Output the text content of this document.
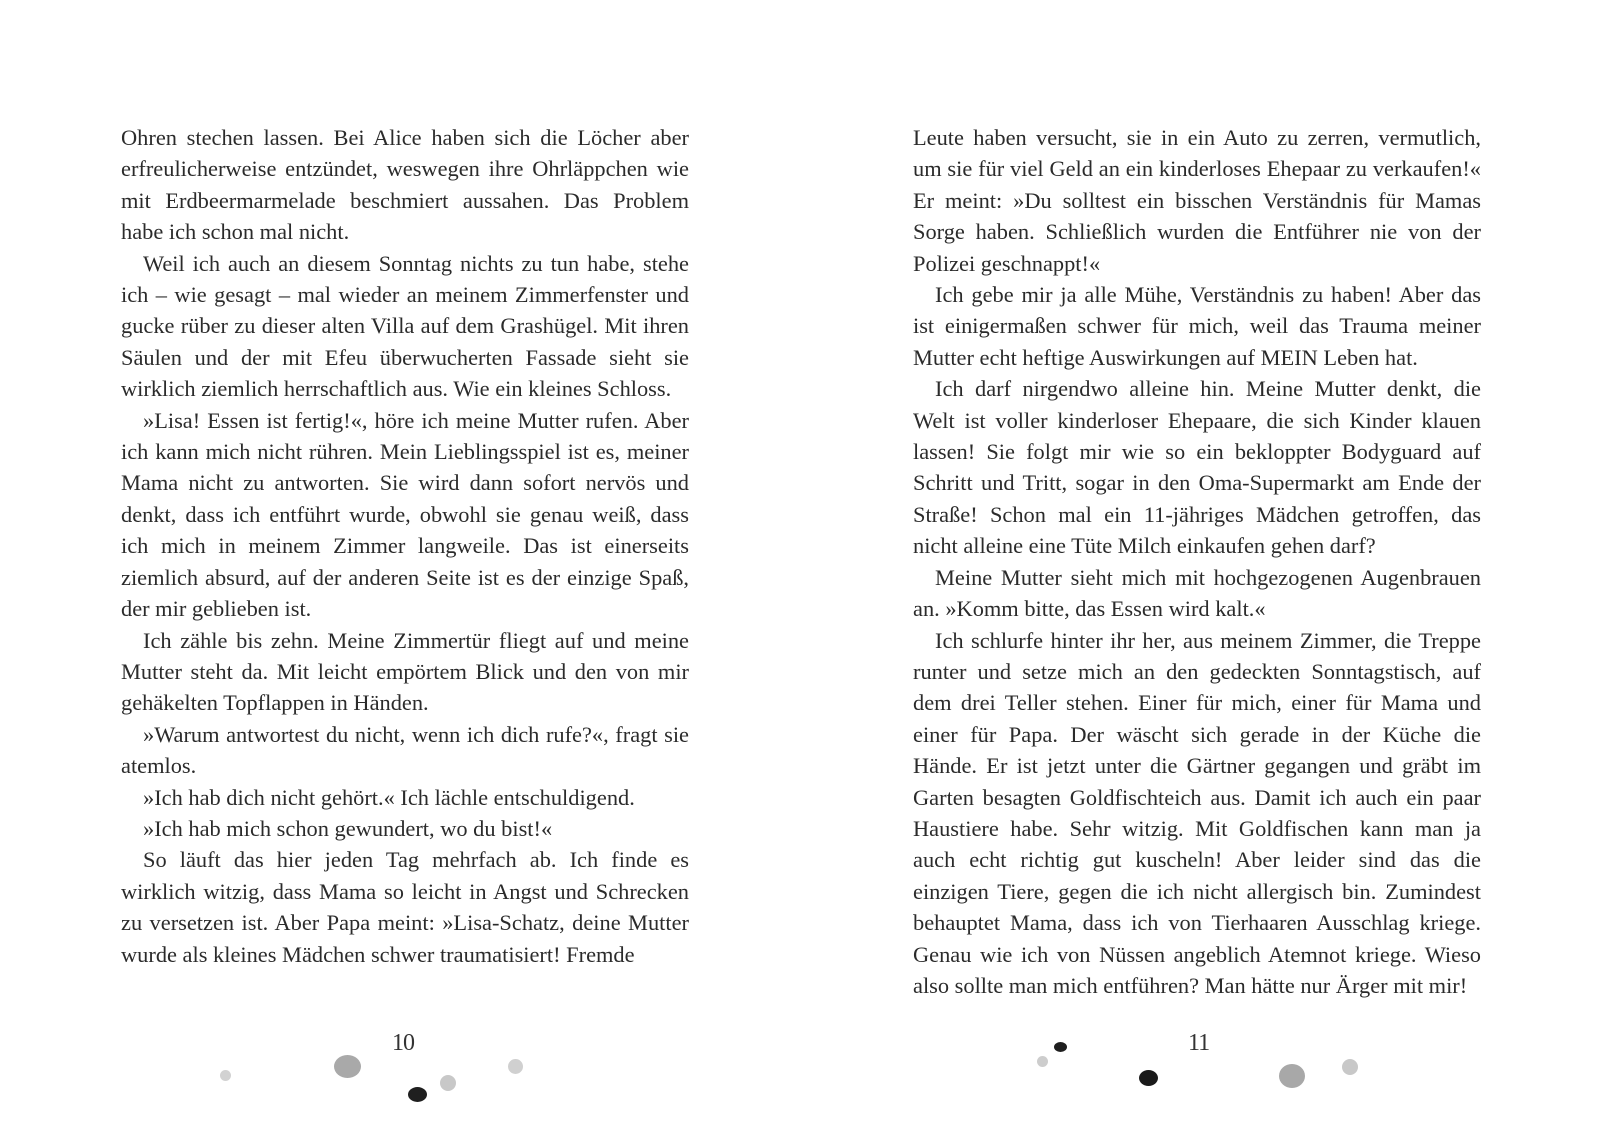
Ohren stechen lassen. Bei Alice haben sich die Löcher aber erfreulicherweise entzündet, weswegen ihre Ohrläppchen wie mit Erdbeermarmelade beschmiert aussahen. Das Problem habe ich schon mal nicht.

Weil ich auch an diesem Sonntag nichts zu tun habe, stehe ich – wie gesagt – mal wieder an meinem Zimmerfenster und gucke rüber zu dieser alten Villa auf dem Grashügel. Mit ihren Säulen und der mit Efeu überwucherten Fassade sieht sie wirklich ziemlich herrschaftlich aus. Wie ein kleines Schloss.

»Lisa! Essen ist fertig!«, höre ich meine Mutter rufen. Aber ich kann mich nicht rühren. Mein Lieblingsspiel ist es, meiner Mama nicht zu antworten. Sie wird dann sofort nervös und denkt, dass ich entführt wurde, obwohl sie genau weiß, dass ich mich in meinem Zimmer langweile. Das ist einerseits ziemlich absurd, auf der anderen Seite ist es der einzige Spaß, der mir geblieben ist.

Ich zähle bis zehn. Meine Zimmertür fliegt auf und meine Mutter steht da. Mit leicht empörtem Blick und den von mir gehäkelten Topflappen in Händen.

»Warum antwortest du nicht, wenn ich dich rufe?«, fragt sie atemlos.

»Ich hab dich nicht gehört.« Ich lächle entschuldigend.

»Ich hab mich schon gewundert, wo du bist!«

So läuft das hier jeden Tag mehrfach ab. Ich finde es wirklich witzig, dass Mama so leicht in Angst und Schrecken zu versetzen ist. Aber Papa meint: »Lisa-Schatz, deine Mutter wurde als kleines Mädchen schwer traumatisiert! Fremde

Leute haben versucht, sie in ein Auto zu zerren, vermutlich, um sie für viel Geld an ein kinderloses Ehepaar zu verkaufen!« Er meint: »Du solltest ein bisschen Verständnis für Mamas Sorge haben. Schließlich wurden die Entführer nie von der Polizei geschnappt!«

Ich gebe mir ja alle Mühe, Verständnis zu haben! Aber das ist einigermaßen schwer für mich, weil das Trauma meiner Mutter echt heftige Auswirkungen auf MEIN Leben hat.

Ich darf nirgendwo alleine hin. Meine Mutter denkt, die Welt ist voller kinderloser Ehepaare, die sich Kinder klauen lassen! Sie folgt mir wie so ein bekloppter Bodyguard auf Schritt und Tritt, sogar in den Oma-Supermarkt am Ende der Straße! Schon mal ein 11-jähriges Mädchen getroffen, das nicht alleine eine Tüte Milch einkaufen gehen darf?

Meine Mutter sieht mich mit hochgezogenen Augenbrauen an. »Komm bitte, das Essen wird kalt.«

Ich schlurfe hinter ihr her, aus meinem Zimmer, die Treppe runter und setze mich an den gedeckten Sonntagstisch, auf dem drei Teller stehen. Einer für mich, einer für Mama und einer für Papa. Der wäscht sich gerade in der Küche die Hände. Er ist jetzt unter die Gärtner gegangen und gräbt im Garten besagten Goldfischteich aus. Damit ich auch ein paar Haustiere habe. Sehr witzig. Mit Goldfischen kann man ja auch echt richtig gut kuscheln! Aber leider sind das die einzigen Tiere, gegen die ich nicht allergisch bin. Zumindest behauptet Mama, dass ich von Tierhaaren Ausschlag kriege. Genau wie ich von Nüssen angeblich Atemnot kriege. Wieso also sollte man mich entführen? Man hätte nur Ärger mit mir!

10	11
